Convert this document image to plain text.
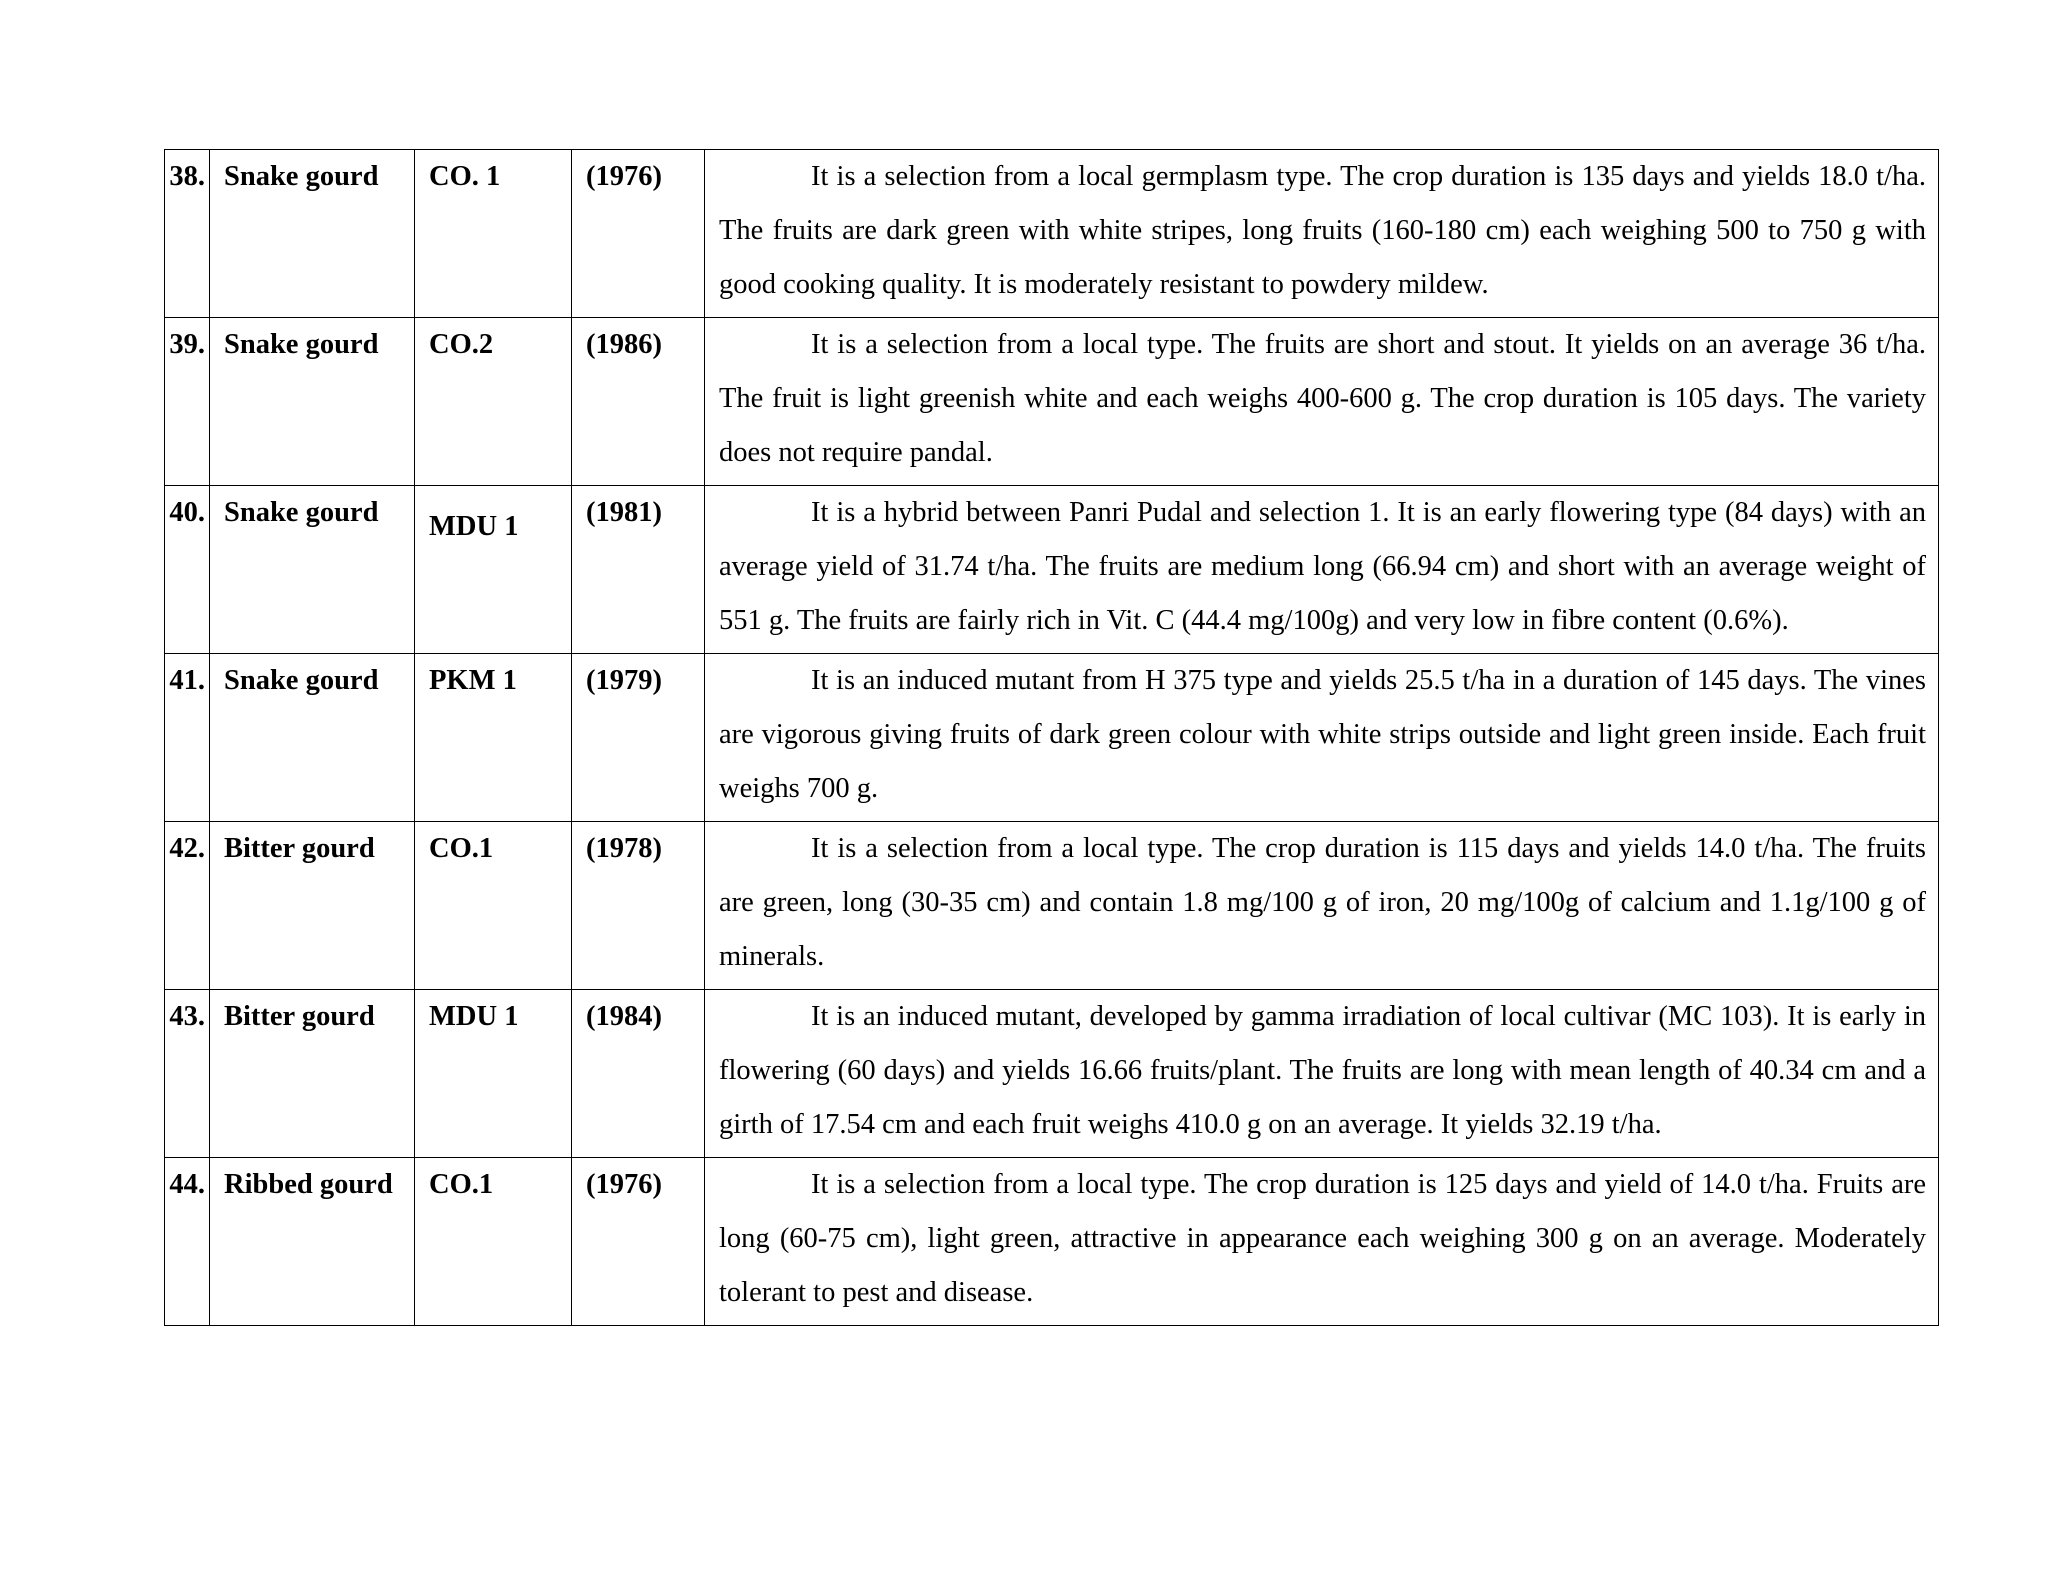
38.	Snake gourd	CO. 1	(1976)	It is a selection from a local germplasm type. The crop duration is 135 days and yields 18.0 t/ha. The fruits are dark green with white stripes, long fruits (160-180 cm) each weighing 500 to 750 g with good cooking quality. It is moderately resistant to powdery mildew.
39.	Snake gourd	CO.2	(1986)	It is a selection from a local type. The fruits are short and stout. It yields on an average 36 t/ha. The fruit is light greenish white and each weighs 400-600 g. The crop duration is 105 days. The variety does not require pandal.
40.	Snake gourd	MDU 1	(1981)	It is a hybrid between Panri Pudal and selection 1. It is an early flowering type (84 days) with an average yield of 31.74 t/ha. The fruits are medium long (66.94 cm) and short with an average weight of 551 g. The fruits are fairly rich in Vit. C (44.4 mg/100g) and very low in fibre content (0.6%).
41.	Snake gourd	PKM 1	(1979)	It is an induced mutant from H 375 type and yields 25.5 t/ha in a duration of 145 days. The vines are vigorous giving fruits of dark green colour with white strips outside and light green inside. Each fruit weighs 700 g.
42.	Bitter gourd	CO.1	(1978)	It is a selection from a local type. The crop duration is 115 days and yields 14.0 t/ha. The fruits are green, long (30-35 cm) and contain 1.8 mg/100 g of iron, 20 mg/100g of calcium and 1.1g/100 g of minerals.
43.	Bitter gourd	MDU 1	(1984)	It is an induced mutant, developed by gamma irradiation of local cultivar (MC 103). It is early in flowering (60 days) and yields 16.66 fruits/plant. The fruits are long with mean length of 40.34 cm and a girth of 17.54 cm and each fruit weighs 410.0 g on an average. It yields 32.19 t/ha.
44.	Ribbed gourd	CO.1	(1976)	It is a selection from a local type. The crop duration is 125 days and yield of 14.0 t/ha. Fruits are long (60-75 cm), light green, attractive in appearance each weighing 300 g on an average. Moderately tolerant to pest and disease.
